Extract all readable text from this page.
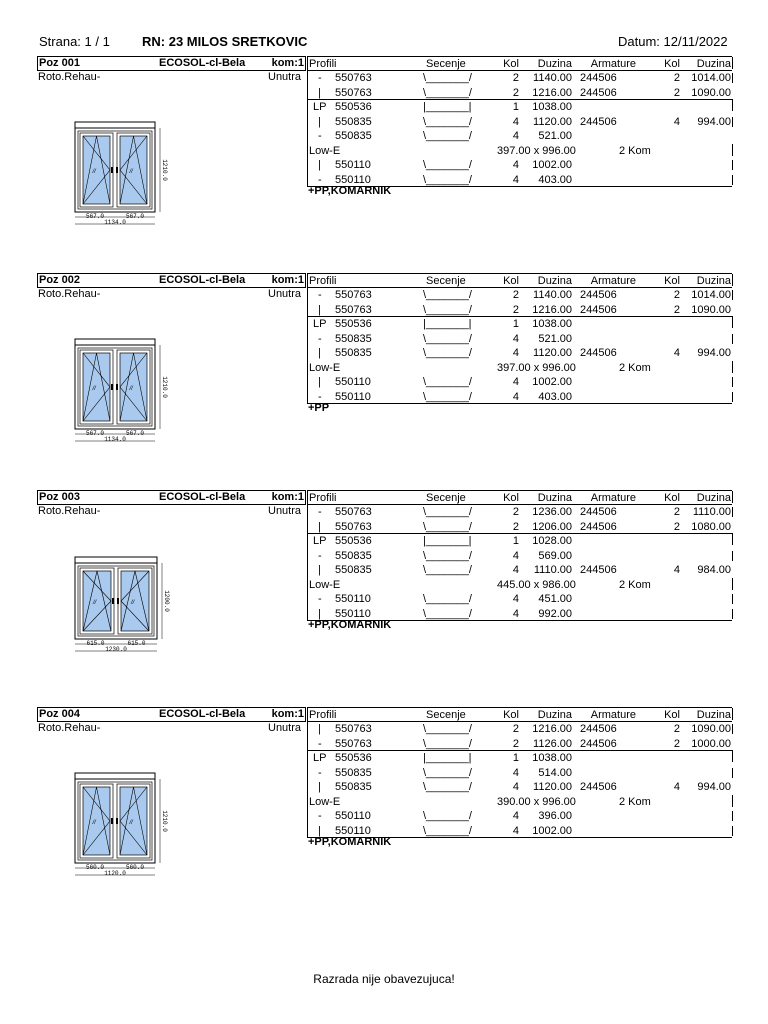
Strana: 1 / 1 RN: 23 MILOS SRETKOVIC	Datum: 12/11/2022
Poz 001	ECOSOL-cl-Bela kom:1
Roto.Rehau-	Unutra
Profili	Secenje	Kol Duzina Armature	Kol Duzina
- 550763	\_______/	2 1140.00 244506	2 1014.00
| 550763	\_______/	2 1216.00 244506	2 1090.00
LP 550536	|_______|	1 1038.00
| 550835	\_______/	4 1120.00 244506	4 994.00
- 550835	\_______/	4 521.00
Low-E	397.00 x 996.00	2 Kom
| 550110	\_______/	4 1002.00
- 550110	\_______/	4 403.00
+PP,KOMARNIK
//	//	1210.0
567.0	567.0
1134.0
Poz 002	ECOSOL-cl-Bela kom:1
Roto.Rehau-	Unutra
Profili	Secenje	Kol Duzina Armature	Kol Duzina
- 550763	\_______/	2 1140.00 244506	2 1014.00
| 550763	\_______/	2 1216.00 244506	2 1090.00
LP 550536	|_______|	1 1038.00
- 550835	\_______/	4 521.00
| 550835	\_______/	4 1120.00 244506	4 994.00
Low-E	397.00 x 996.00	2 Kom
| 550110	\_______/	4 1002.00
- 550110	\_______/	4 403.00
+PP
//	//	1210.0
567.0	567.0
1134.0
Poz 003	ECOSOL-cl-Bela kom:1
Roto.Rehau-	Unutra
Profili	Secenje	Kol Duzina Armature	Kol Duzina
- 550763	\_______/	2 1236.00 244506	2 1110.00
| 550763	\_______/	2 1206.00 244506	2 1080.00
LP 550536	|_______|	1 1028.00
- 550835	\_______/	4 569.00
| 550835	\_______/	4 1110.00 244506	4 984.00
Low-E	445.00 x 986.00	2 Kom
- 550110	\_______/	4 451.00
| 550110	\_______/	4 992.00
+PP,KOMARNIK
//	//	1200.0
615.0	615.0
1230.0
Poz 004	ECOSOL-cl-Bela kom:1
Roto.Rehau-	Unutra
Profili	Secenje	Kol Duzina Armature	Kol Duzina
| 550763	\_______/	2 1216.00 244506	2 1090.00
- 550763	\_______/	2 1126.00 244506	2 1000.00
LP 550536	|_______|	1 1038.00
- 550835	\_______/	4 514.00
| 550835	\_______/	4 1120.00 244506	4 994.00
Low-E	390.00 x 996.00	2 Kom
- 550110	\_______/	4 396.00
| 550110	\_______/	4 1002.00
+PP,KOMARNIK
//	//	1210.0
560.0	560.0
1120.0
Razrada nije obavezujuca!
